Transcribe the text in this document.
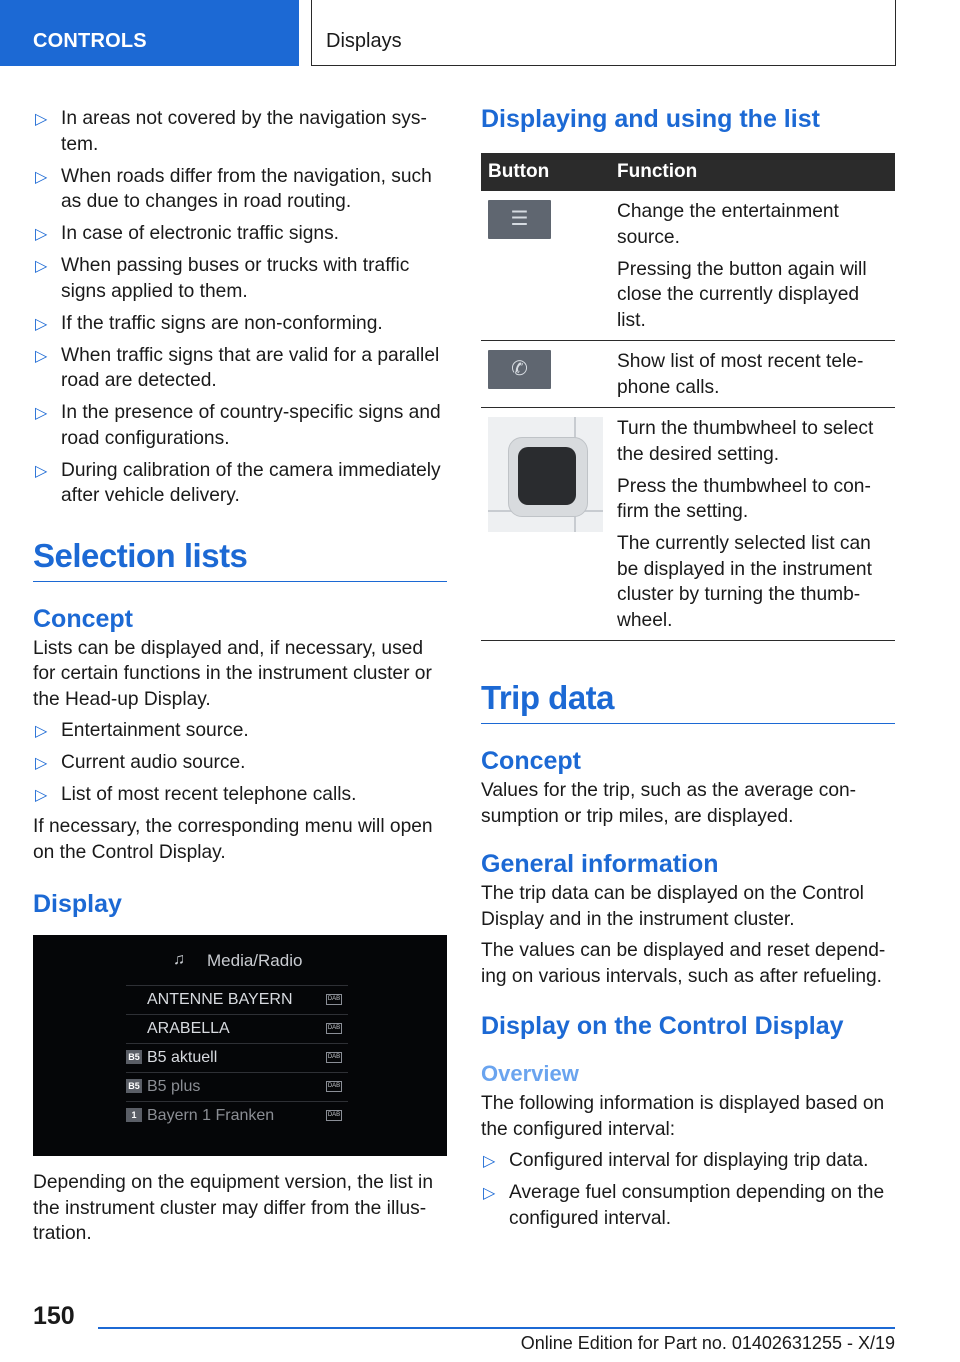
CONTROLS	Displays
▷ In areas not covered by the navigation sys-tem.
▷ When roads differ from the navigation, such as due to changes in road routing.
▷ In case of electronic traffic signs.
▷ When passing buses or trucks with traffic signs applied to them.
▷ If the traffic signs are non-conforming.
▷ When traffic signs that are valid for a parallel road are detected.
▷ In the presence of country-specific signs and road configurations.
▷ During calibration of the camera immediately after vehicle delivery.
Selection lists
Concept
Lists can be displayed and, if necessary, used for certain functions in the instrument cluster or the Head-up Display.
▷ Entertainment source.
▷ Current audio source.
▷ List of most recent telephone calls.
If necessary, the corresponding menu will open on the Control Display.
Display
♫ Media/Radio
ANTENNE BAYERN	DAB
ARABELLA	DAB
B5 B5 aktuell	DAB
B5 B5 plus	DAB
1 Bayern 1 Franken	DAB
Depending on the equipment version, the list in the instrument cluster may differ from the illus-tration.
Displaying and using the list
Button	Function

☰	Change the entertainment source.

Pressing the button again will close the currently displayed list.

✆	Show list of most recent tele-phone calls.

	Turn the thumbwheel to select the desired setting.

Press the thumbwheel to con-firm the setting.

The currently selected list can be displayed in the instrument cluster by turning the thumb-wheel.

Trip data
Concept
Values for the trip, such as the average con-sumption or trip miles, are displayed.
General information
The trip data can be displayed on the Control Display and in the instrument cluster.
The values can be displayed and reset depend-ing on various intervals, such as after refueling.
Display on the Control Display
Overview
The following information is displayed based on the configured interval:
▷ Configured interval for displaying trip data.
▷ Average fuel consumption depending on the configured interval.
150
Online Edition for Part no. 01402631255 - X/19
